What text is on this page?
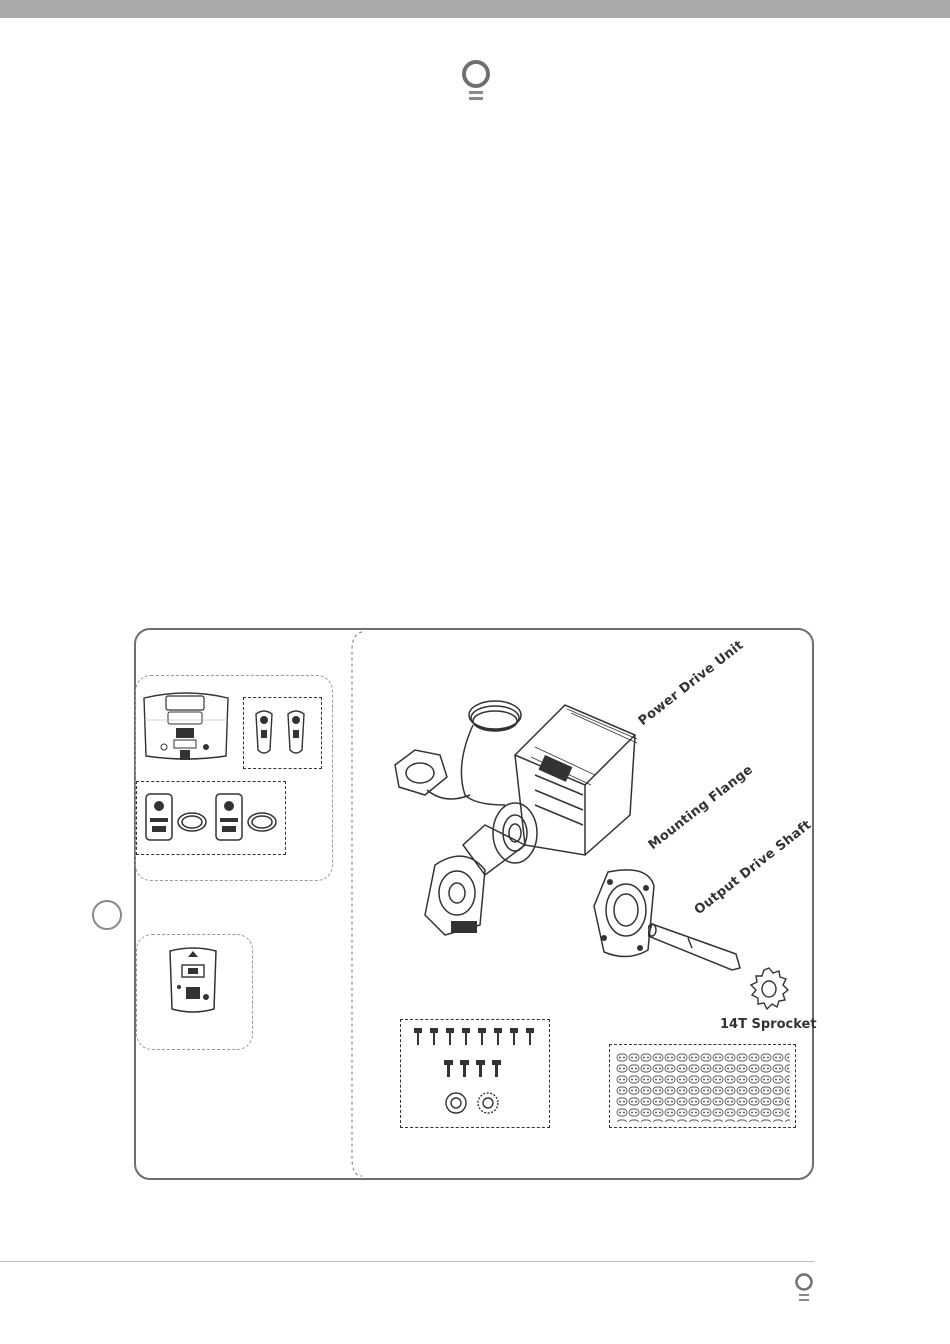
Power Drive Unit
Mounting Flange
Output Drive Shaft
14T Sprocket
